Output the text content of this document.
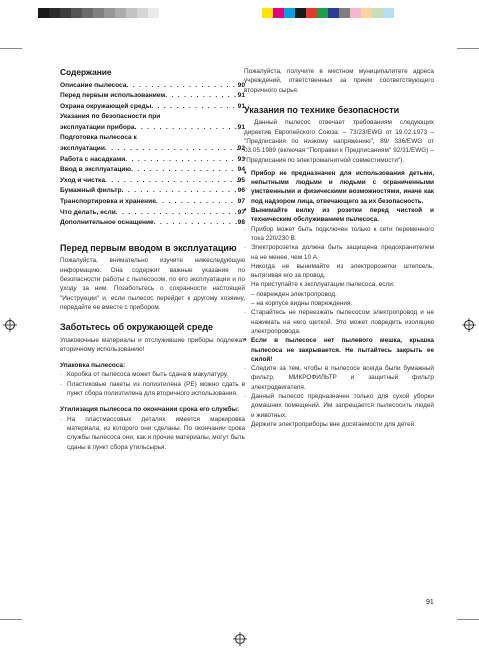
Содержание
Описание пылесоса . . .	90
Перед первым использованием . . .	91
Охрана окружающей среды . . .	91
Указания по безопасности при
эксплуатации прибора . . .	91
Подготовка пылесоса к
эксплуатации . . .	92
Работа с насадками . . .	93
Ввод в эксплуатацию . . .	94
Уход и чистка . . .	95
Бумажный фильтр . . .	96
Транспортировка и хранение . . .	97
Что делать, если . . .	97
Дополнительное оснащение . . .	98
Перед первым вводом в эксплуатацию

Пожалуйста, внимательно изучите нижеследующую информацию. Она содержит важные указания по безопасности работы с пылесосом, по его эксплуатации и по уходу за ним. Позаботьтесь о сохранности настоящей "Инструкции" и, если пылесос перейдет к другому хозяину, передайте ее вместе с прибором.

Заботьтесь об окружающей среде

Упаковочные материалы и отслужившие приборы подлежат вторичному использованию!

Упаковка пылесоса:
· Коробка от пылесоса может быть сдана в макулатуру.
· Пластиковые пакеты из полиэтилена (PE) можно сдать в пункт сбора полиэтилена для вторичного использования.
Утилизация пылесоса по окончании срока его службы:
· На пластмассовых деталях имеется маркировка материала, из которого они сделаны. По окончании срока службы пылесоса они, как и прочие материалы, могут быть сданы в пункт сбора утильсырья.

Пожалуйста, получите в местном муниципалитете адреса учреждений, ответственных за прием соответствующего вторичного сырья.

Указания по технике безопасности

Данный пылесос отвечает требованиям следующих директив Европейского Союза: – 73/23/EWG от 19.02.1973 – "Предписания по низкому напряжению", 89/ 336/EWG от 03.05.1989 (включая "Поправки к Предписаниям" 92/31/EWG) – "Предписания по электромагнитной совместимости").

• Прибор не предназначен для использования детьми, непытными людьми и людьми с ограниченными умственными и физическими возможностями, иначе как под надзором лица, отвечающего за их безопасность.
• Вынимайте вилку из розетки перед чисткой и техническим обслуживанием пылесоса.
· Прибор может быть подключен только к сети переменного тока 220/230 В.
· Электророзетка должна быть защищена предохранителем на не менее, чем 10 А.
· Никогда не вынимайте из электророзетки штепсель, вытягивая его за провод.
· Не приступайте к эксплуатации пылесоса, если:
– поврежден электропровод.
– на корпусе видны повреждения.
· Старайтесь не переезжать пылесосом электропровод и не нажимать на него щеткой. Это может повредить изоляцию электропровода.
• Если в пылесосе нет пылевого мешка, крышка пылесоса не закрывается. Не пытайтесь закрыть ее силой!
· Следите за тем, чтобы в пылесосе всегда были бумажный фильтр, МИКРОФИЛЬТР и защитный фильтр электродвигателя.
· Данный пылесос предназначен только для сухой уборки домашних помещений. Им запрещается пылесосить людей и животных.

Держите электроприборы вне досягаемости для детей.

91
